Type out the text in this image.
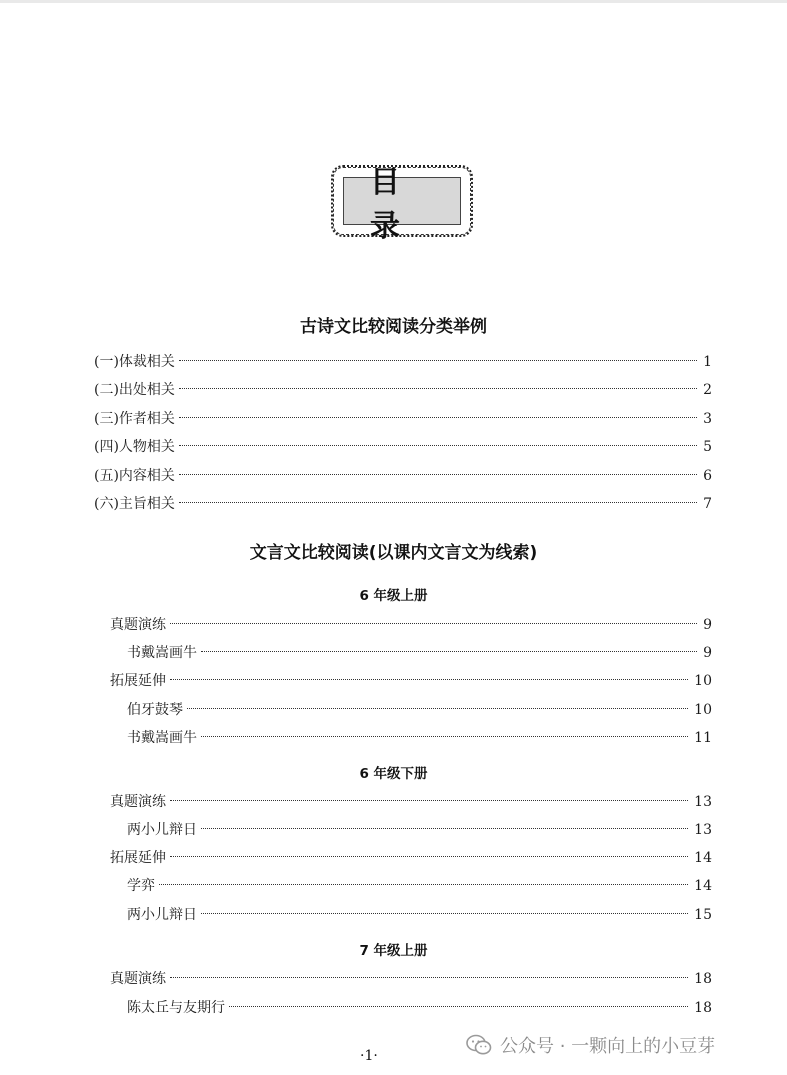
目 录
古诗文比较阅读分类举例
(一)体裁相关	1
(二)出处相关	2
(三)作者相关	3
(四)人物相关	5
(五)内容相关	6
(六)主旨相关	7
文言文比较阅读(以课内文言文为线索)
6 年级上册
真题演练	9
书戴嵩画牛	9
拓展延伸	10
伯牙鼓琴	10
书戴嵩画牛	11
6 年级下册
真题演练	13
两小儿辩日	13
拓展延伸	14
学弈	14
两小儿辩日	15
7 年级上册
真题演练	18
陈太丘与友期行	18
·1·	公众号 · 一颗向上的小豆芽
